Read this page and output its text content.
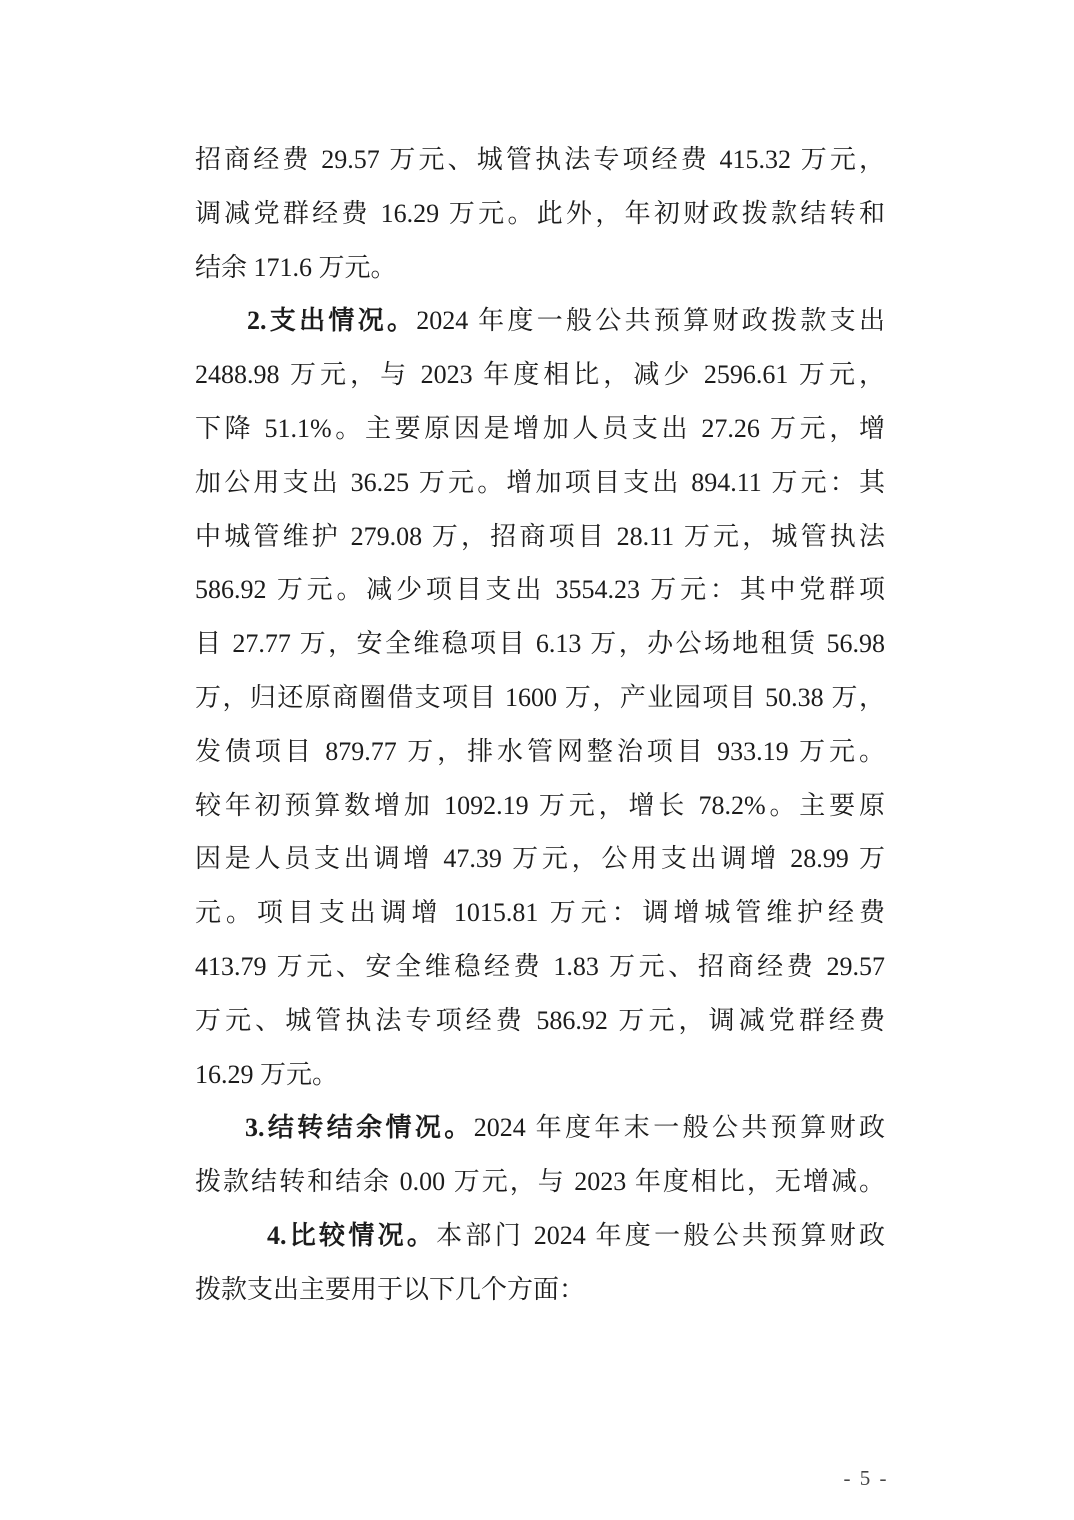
招商经费 29.57 万元、城管执法专项经费 415.32 万元，
调减党群经费 16.29 万元。此外，年初财政拨款结转和
结余 171.6 万元。
2.支出情况。2024 年度一般公共预算财政拨款支出
2488.98 万元，与 2023 年度相比，减少 2596.61 万元，
下降 51.1%。主要原因是增加人员支出 27.26 万元，增
加公用支出 36.25 万元。增加项目支出 894.11 万元：其
中城管维护 279.08 万，招商项目 28.11 万元，城管执法
586.92 万元。减少项目支出 3554.23 万元：其中党群项
目 27.77 万，安全维稳项目 6.13 万，办公场地租赁 56.98
万，归还原商圈借支项目 1600 万，产业园项目 50.38 万，
发债项目 879.77 万，排水管网整治项目 933.19 万元。
较年初预算数增加 1092.19 万元，增长 78.2%。主要原
因是人员支出调增 47.39 万元，公用支出调增 28.99 万
元。项目支出调增 1015.81 万元：调增城管维护经费
413.79 万元、安全维稳经费 1.83 万元、招商经费 29.57
万元、城管执法专项经费 586.92 万元，调减党群经费
16.29 万元。
3.结转结余情况。2024 年度年末一般公共预算财政
拨款结转和结余 0.00 万元，与 2023 年度相比，无增减。
4.比较情况。本部门 2024 年度一般公共预算财政
拨款支出主要用于以下几个方面：
- 5 -
